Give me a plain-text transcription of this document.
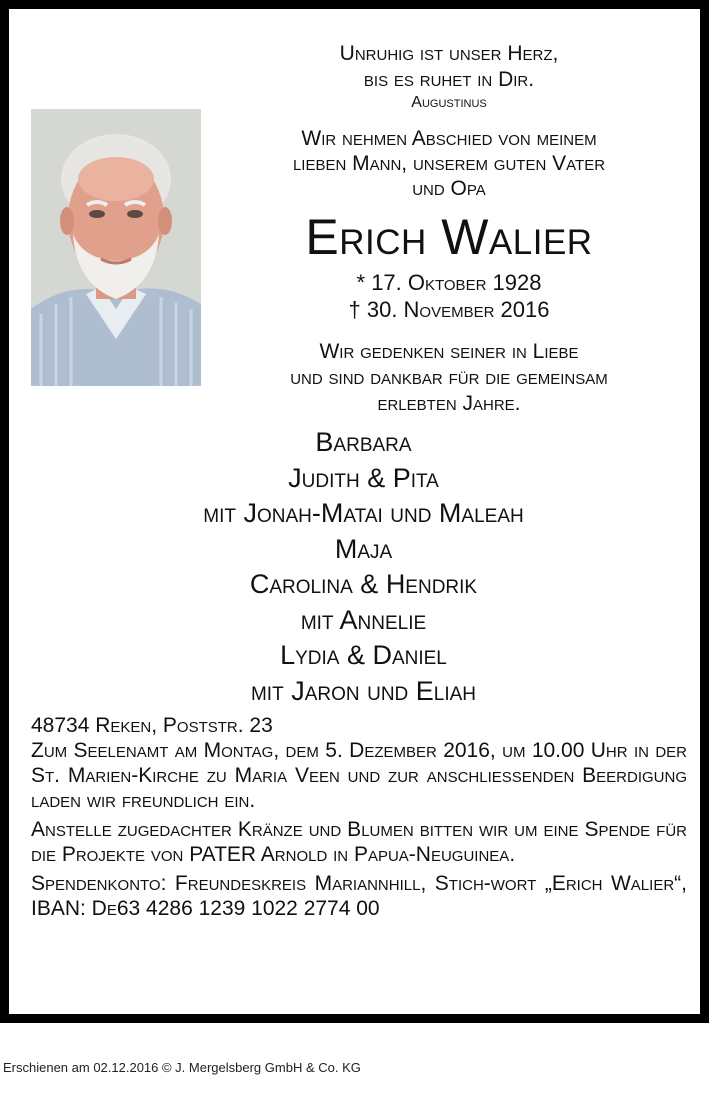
Unruhig ist unser Herz,
bis es ruhet in Dir.
Augustinus
Wir nehmen Abschied von meinem
lieben Mann, unserem guten Vater
und Opa
Erich Walier
* 17. Oktober 1928
† 30. November 2016
Wir gedenken seiner in Liebe
und sind dankbar für die gemeinsam
erlebten Jahre.
Barbara
Judith & Pita
mit Jonah-Matai und Maleah
Maja
Carolina & Hendrik
mit Annelie
Lydia & Daniel
mit Jaron und Eliah

48734 Reken, Poststr. 23

Zum Seelenamt am Montag, dem 5. Dezember 2016, um 10.00 Uhr in der St. Marien-Kirche zu Maria Veen und zur anschliessenden Beerdigung laden wir freundlich ein.

Anstelle zugedachter Kränze und Blumen bitten wir um eine Spende für die Projekte von PATER Arnold in Papua-Neuguinea.

Spendenkonto: Freundeskreis Mariannhill, Stich-wort „Erich Walier“, IBAN: De63 4286 1239 1022 2774 00

Erschienen am 02.12.2016 © J. Mergelsberg GmbH & Co. KG
